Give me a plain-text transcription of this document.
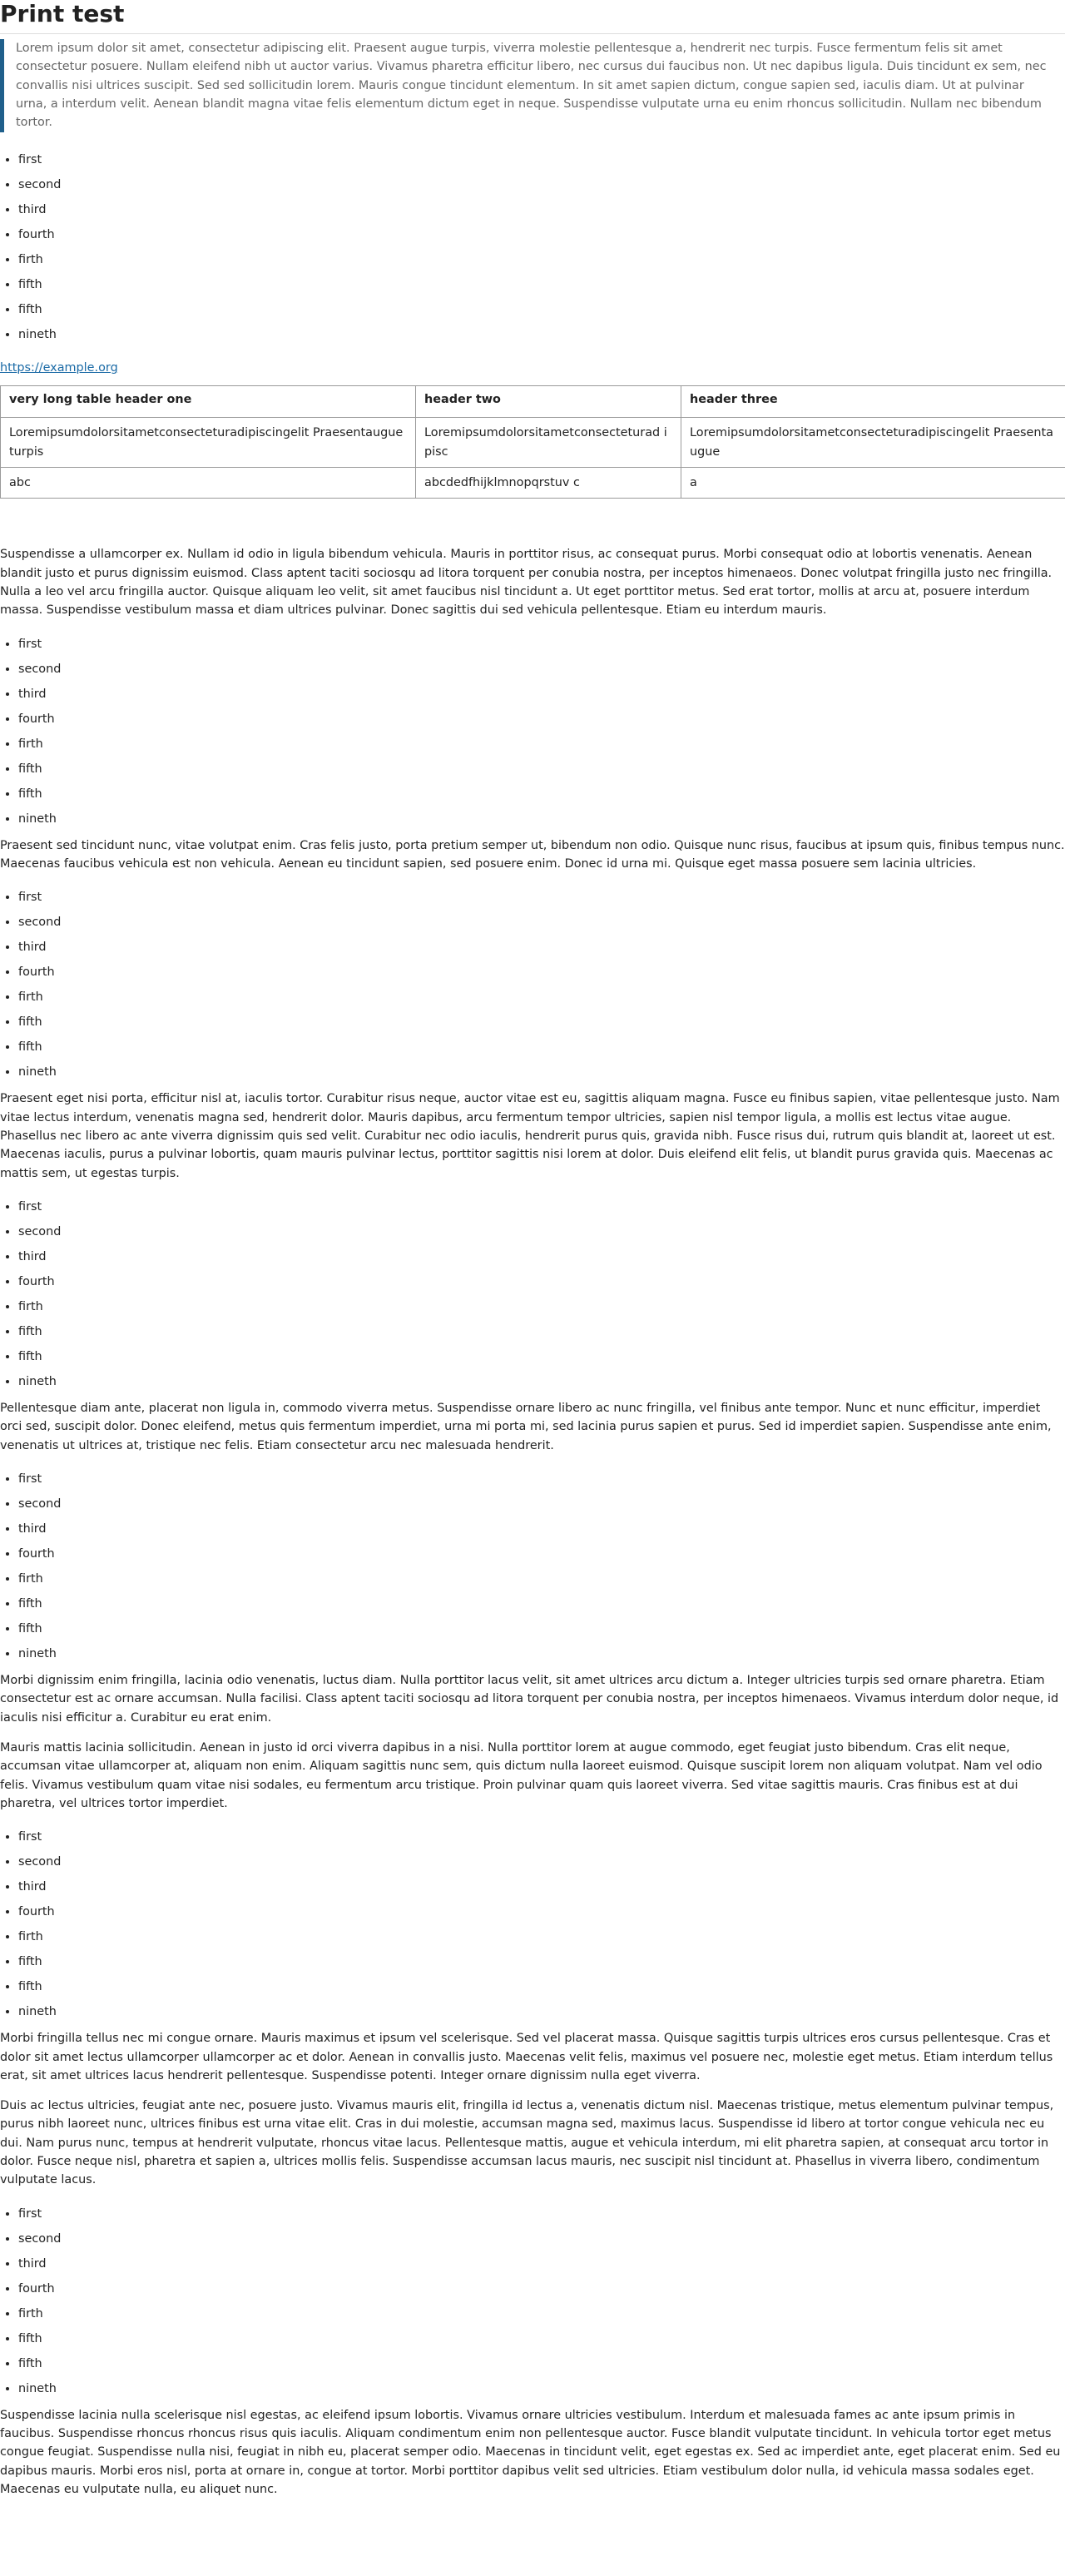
Print test
Lorem ipsum dolor sit amet, consectetur adipiscing elit. Praesent augue turpis, viverra molestie pellentesque a, hendrerit nec turpis. Fusce fermentum felis sit amet consectetur posuere. Nullam eleifend nibh ut auctor varius. Vivamus pharetra efficitur libero, nec cursus dui faucibus non. Ut nec dapibus ligula. Duis tincidunt ex sem, nec convallis nisi ultrices suscipit. Sed sed sollicitudin lorem. Mauris congue tincidunt elementum. In sit amet sapien dictum, congue sapien sed, iaculis diam. Ut at pulvinar urna, a interdum velit. Aenean blandit magna vitae felis elementum dictum eget in neque. Suspendisse vulputate urna eu enim rhoncus sollicitudin. Nullam nec bibendum tortor.
• first
• second
• third
• fourth
• firth
• fifth
• fifth
• nineth
https://example.org
very long table header one	header two	header three
Loremipsumdolorsitametconsecteturadipiscingelit Praesentaugueturpis	Loremipsumdolorsitametconsecteturad ipisc	Loremipsumdolorsitametconsecteturadipiscingelit Praesentaugue
abc	abcdedfhijklmnopqrstuv c	a

Suspendisse a ullamcorper ex. Nullam id odio in ligula bibendum vehicula. Mauris in porttitor risus, ac consequat purus. Morbi consequat odio at lobortis venenatis. Aenean blandit justo et purus dignissim euismod. Class aptent taciti sociosqu ad litora torquent per conubia nostra, per inceptos himenaeos. Donec volutpat fringilla justo nec fringilla. Nulla a leo vel arcu fringilla auctor. Quisque aliquam leo velit, sit amet faucibus nisl tincidunt a. Ut eget porttitor metus. Sed erat tortor, mollis at arcu at, posuere interdum massa. Suspendisse vestibulum massa et diam ultrices pulvinar. Donec sagittis dui sed vehicula pellentesque. Etiam eu interdum mauris.

• first
• second
• third
• fourth
• firth
• fifth
• fifth
• nineth

Praesent sed tincidunt nunc, vitae volutpat enim. Cras felis justo, porta pretium semper ut, bibendum non odio. Quisque nunc risus, faucibus at ipsum quis, finibus tempus nunc. Maecenas faucibus vehicula est non vehicula. Aenean eu tincidunt sapien, sed posuere enim. Donec id urna mi. Quisque eget massa posuere sem lacinia ultricies.

• first
• second
• third
• fourth
• firth
• fifth
• fifth
• nineth

Praesent eget nisi porta, efficitur nisl at, iaculis tortor. Curabitur risus neque, auctor vitae est eu, sagittis aliquam magna. Fusce eu finibus sapien, vitae pellentesque justo. Nam vitae lectus interdum, venenatis magna sed, hendrerit dolor. Mauris dapibus, arcu fermentum tempor ultricies, sapien nisl tempor ligula, a mollis est lectus vitae augue. Phasellus nec libero ac ante viverra dignissim quis sed velit. Curabitur nec odio iaculis, hendrerit purus quis, gravida nibh. Fusce risus dui, rutrum quis blandit at, laoreet ut est. Maecenas iaculis, purus a pulvinar lobortis, quam mauris pulvinar lectus, porttitor sagittis nisi lorem at dolor. Duis eleifend elit felis, ut blandit purus gravida quis. Maecenas ac mattis sem, ut egestas turpis.

• first
• second
• third
• fourth
• firth
• fifth
• fifth
• nineth

Pellentesque diam ante, placerat non ligula in, commodo viverra metus. Suspendisse ornare libero ac nunc fringilla, vel finibus ante tempor. Nunc et nunc efficitur, imperdiet orci sed, suscipit dolor. Donec eleifend, metus quis fermentum imperdiet, urna mi porta mi, sed lacinia purus sapien et purus. Sed id imperdiet sapien. Suspendisse ante enim, venenatis ut ultrices at, tristique nec felis. Etiam consectetur arcu nec malesuada hendrerit.

• first
• second
• third
• fourth
• firth
• fifth
• fifth
• nineth

Morbi dignissim enim fringilla, lacinia odio venenatis, luctus diam. Nulla porttitor lacus velit, sit amet ultrices arcu dictum a. Integer ultricies turpis sed ornare pharetra. Etiam consectetur est ac ornare accumsan. Nulla facilisi. Class aptent taciti sociosqu ad litora torquent per conubia nostra, per inceptos himenaeos. Vivamus interdum dolor neque, id iaculis nisi efficitur a. Curabitur eu erat enim.

Mauris mattis lacinia sollicitudin. Aenean in justo id orci viverra dapibus in a nisi. Nulla porttitor lorem at augue commodo, eget feugiat justo bibendum. Cras elit neque, accumsan vitae ullamcorper at, aliquam non enim. Aliquam sagittis nunc sem, quis dictum nulla laoreet euismod. Quisque suscipit lorem non aliquam volutpat. Nam vel odio felis. Vivamus vestibulum quam vitae nisi sodales, eu fermentum arcu tristique. Proin pulvinar quam quis laoreet viverra. Sed vitae sagittis mauris. Cras finibus est at dui pharetra, vel ultrices tortor imperdiet.

• first
• second
• third
• fourth
• firth
• fifth
• fifth
• nineth

Morbi fringilla tellus nec mi congue ornare. Mauris maximus et ipsum vel scelerisque. Sed vel placerat massa. Quisque sagittis turpis ultrices eros cursus pellentesque. Cras et dolor sit amet lectus ullamcorper ullamcorper ac et dolor. Aenean in convallis justo. Maecenas velit felis, maximus vel posuere nec, molestie eget metus. Etiam interdum tellus erat, sit amet ultrices lacus hendrerit pellentesque. Suspendisse potenti. Integer ornare dignissim nulla eget viverra.

Duis ac lectus ultricies, feugiat ante nec, posuere justo. Vivamus mauris elit, fringilla id lectus a, venenatis dictum nisl. Maecenas tristique, metus elementum pulvinar tempus, purus nibh laoreet nunc, ultrices finibus est urna vitae elit. Cras in dui molestie, accumsan magna sed, maximus lacus. Suspendisse id libero at tortor congue vehicula nec eu dui. Nam purus nunc, tempus at hendrerit vulputate, rhoncus vitae lacus. Pellentesque mattis, augue et vehicula interdum, mi elit pharetra sapien, at consequat arcu tortor in dolor. Fusce neque nisl, pharetra et sapien a, ultrices mollis felis. Suspendisse accumsan lacus mauris, nec suscipit nisl tincidunt at. Phasellus in viverra libero, condimentum vulputate lacus.

• first
• second
• third
• fourth
• firth
• fifth
• fifth
• nineth

Suspendisse lacinia nulla scelerisque nisl egestas, ac eleifend ipsum lobortis. Vivamus ornare ultricies vestibulum. Interdum et malesuada fames ac ante ipsum primis in faucibus. Suspendisse rhoncus rhoncus risus quis iaculis. Aliquam condimentum enim non pellentesque auctor. Fusce blandit vulputate tincidunt. In vehicula tortor eget metus congue feugiat. Suspendisse nulla nisi, feugiat in nibh eu, placerat semper odio. Maecenas in tincidunt velit, eget egestas ex. Sed ac imperdiet ante, eget placerat enim. Sed eu dapibus mauris. Morbi eros nisl, porta at ornare in, congue at tortor. Morbi porttitor dapibus velit sed ultricies. Etiam vestibulum dolor nulla, id vehicula massa sodales eget. Maecenas eu vulputate nulla, eu aliquet nunc.
